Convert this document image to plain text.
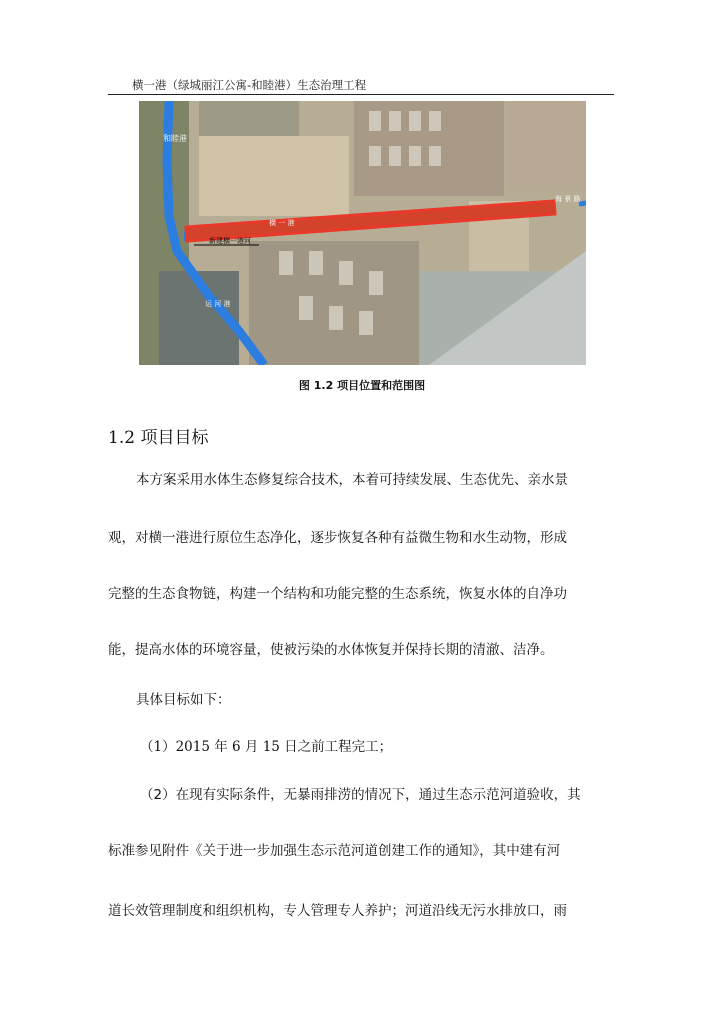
横一港（绿城丽江公寓-和睦港）生态治理工程
和睦港
横 一 港
海 景 路
新建横一港河
运 河 港
图 1.2 项目位置和范围图
1.2 项目目标

本方案采用水体生态修复综合技术，本着可持续发展、生态优先、亲水景

观，对横一港进行原位生态净化，逐步恢复各种有益微生物和水生动物，形成

完整的生态食物链，构建一个结构和功能完整的生态系统，恢复水体的自净功

能，提高水体的环境容量，使被污染的水体恢复并保持长期的清澈、洁净。

具体目标如下：

（1）2015 年 6 月 15 日之前工程完工；

（2）在现有实际条件，无暴雨排涝的情况下，通过生态示范河道验收，其

标准参见附件《关于进一步加强生态示范河道创建工作的通知》，其中建有河

道长效管理制度和组织机构，专人管理专人养护；河道沿线无污水排放口，雨
